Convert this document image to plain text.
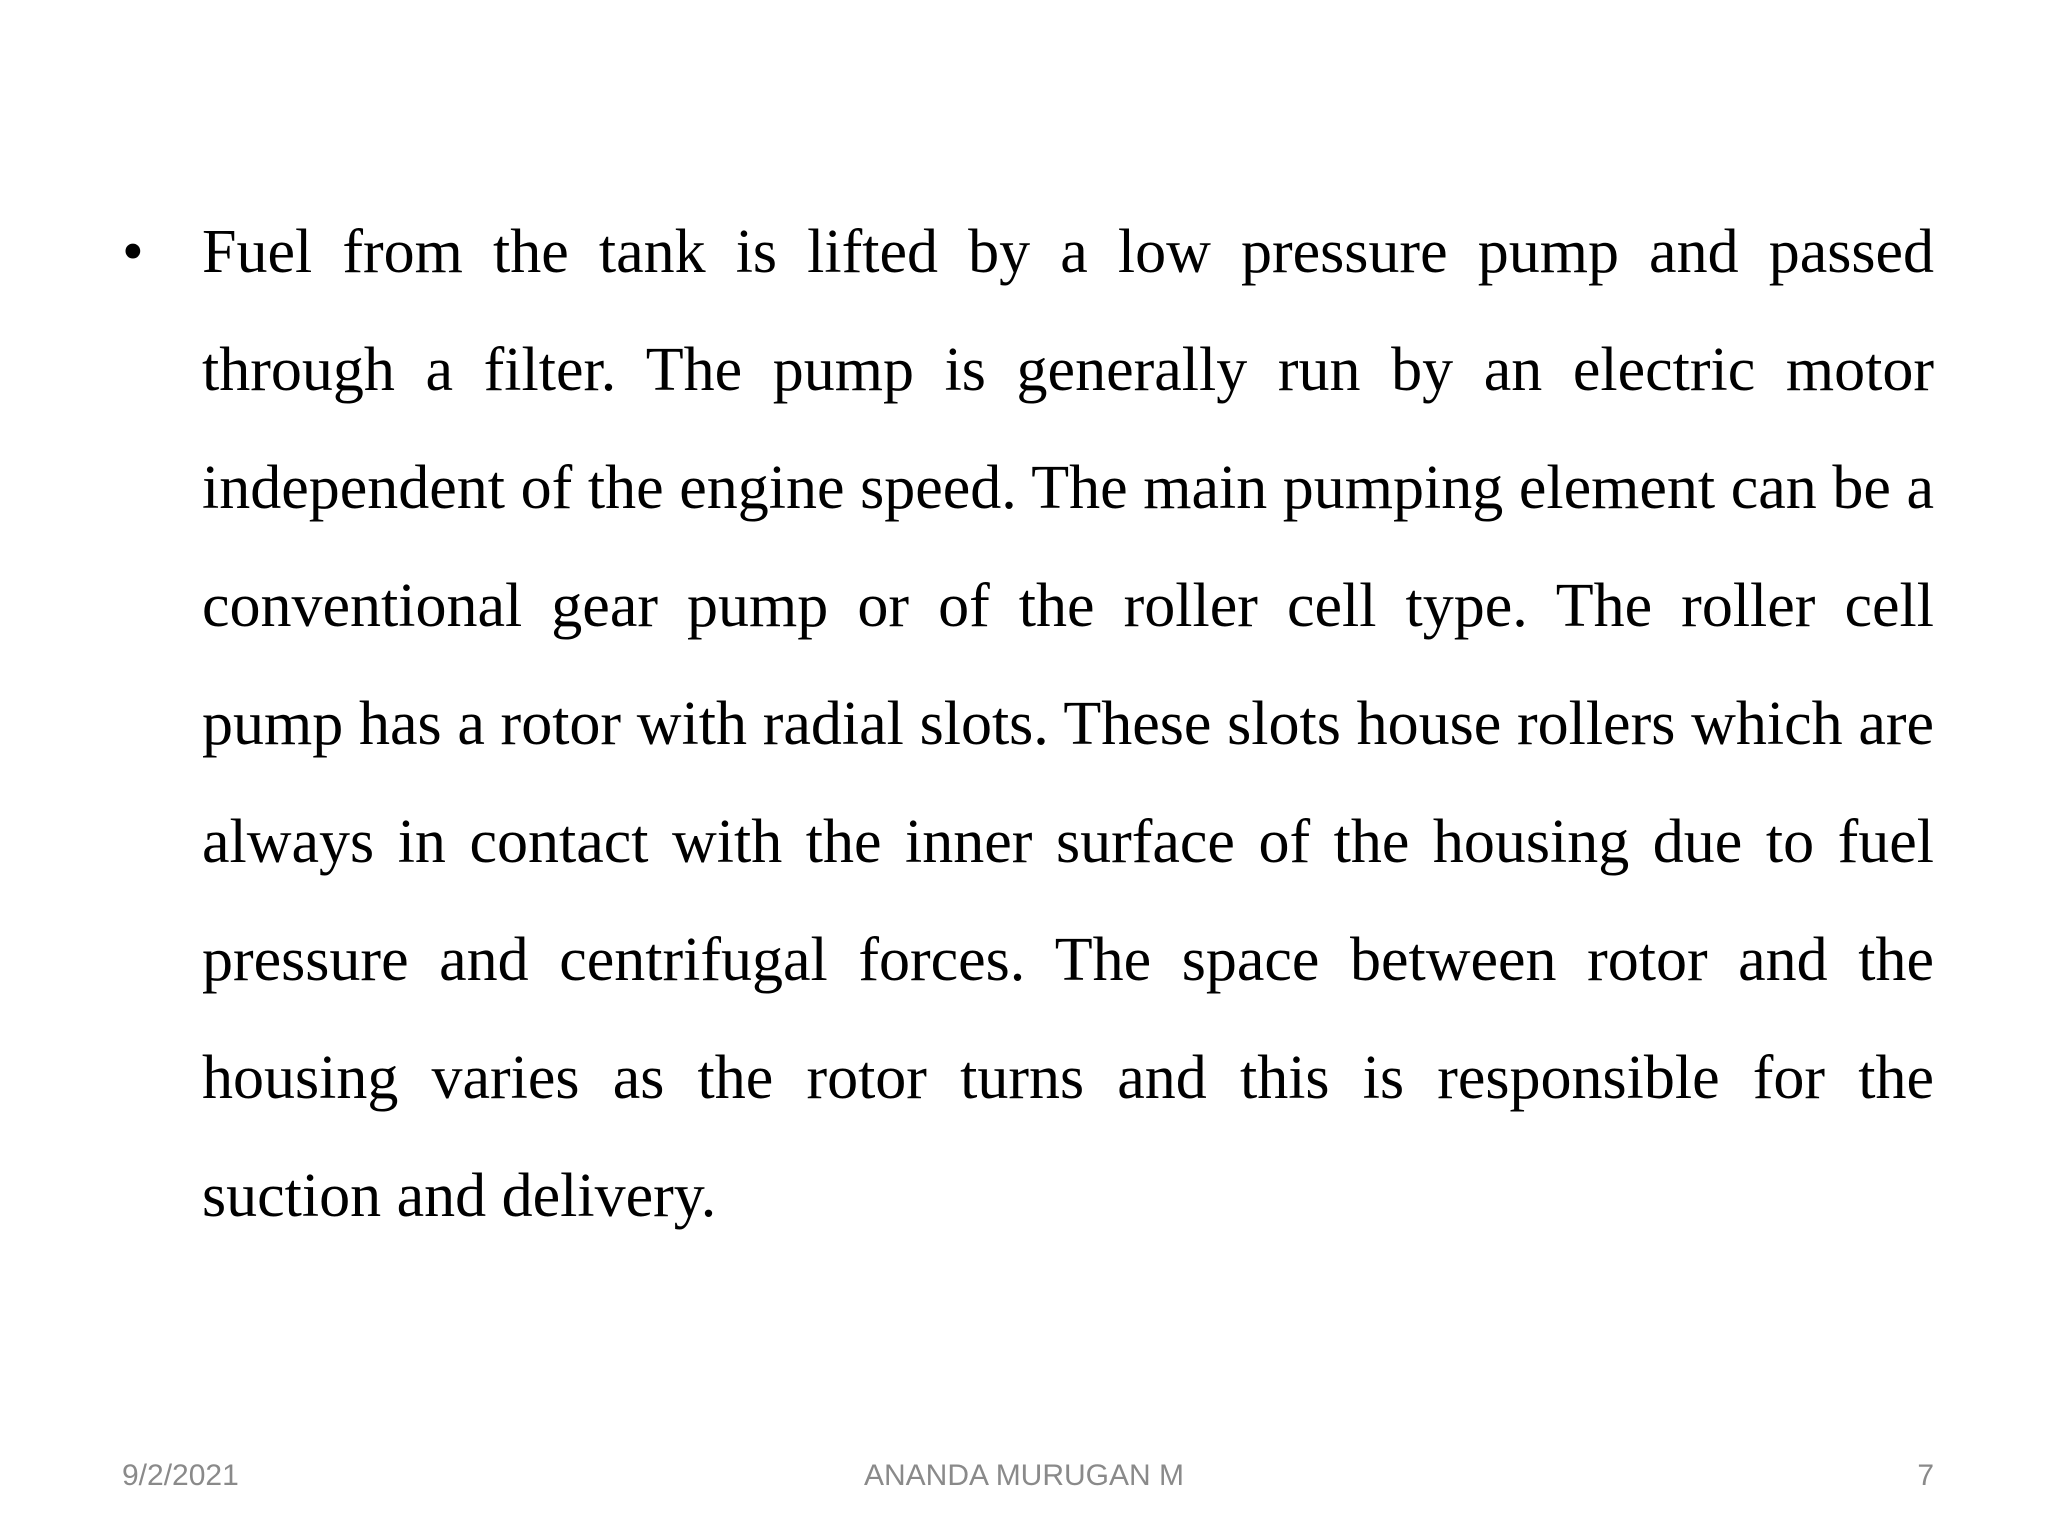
• Fuel from the tank is lifted by a low pressure pump and passed through a filter. The pump is generally run by an electric motor independent of the engine speed. The main pumping element can be a conventional gear pump or of the roller cell type. The roller cell pump has a rotor with radial slots. These slots house rollers which are always in contact with the inner surface of the housing due to fuel pressure and centrifugal forces. The space between rotor and the housing varies as the rotor turns and this is responsible for the suction and delivery.

ANANDA MURUGAN M
9/2/2021	7
